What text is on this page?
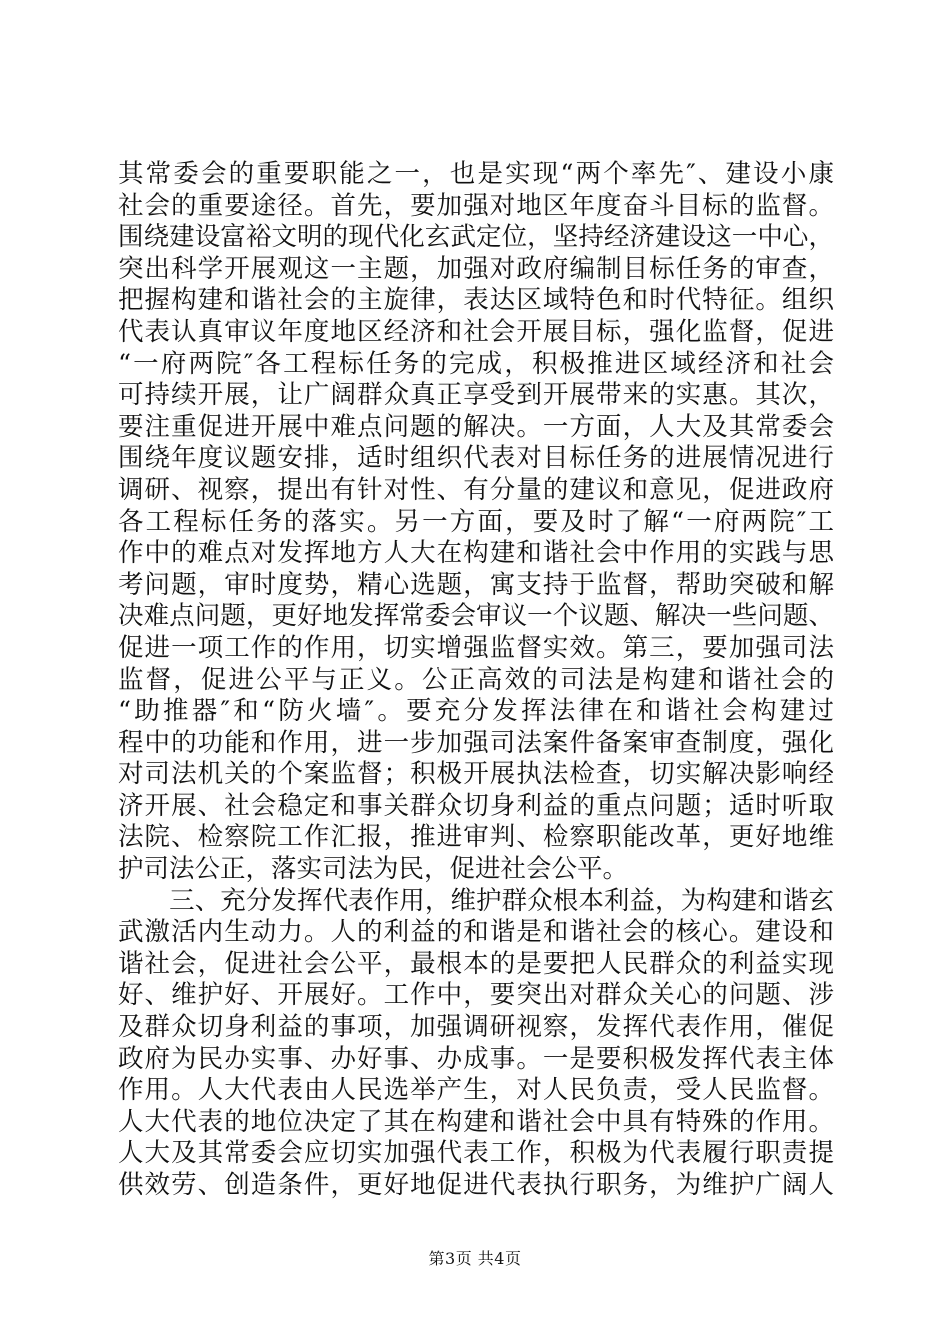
其常委会的重要职能之一，也是实现“两个率先″、建设小康
社会的重要途径。首先，要加强对地区年度奋斗目标的监督。
围绕建设富裕文明的现代化玄武定位，坚持经济建设这一中心，
突出科学开展观这一主题，加强对政府编制目标任务的审查，
把握构建和谐社会的主旋律，表达区域特色和时代特征。组织
代表认真审议年度地区经济和社会开展目标，强化监督，促进
“一府两院″各工程标任务的完成，积极推进区域经济和社会
可持续开展，让广阔群众真正享受到开展带来的实惠。其次，
要注重促进开展中难点问题的解决。一方面，人大及其常委会
围绕年度议题安排，适时组织代表对目标任务的进展情况进行
调研、视察，提出有针对性、有分量的建议和意见，促进政府
各工程标任务的落实。另一方面，要及时了解“一府两院″工
作中的难点对发挥地方人大在构建和谐社会中作用的实践与思
考问题，审时度势，精心选题，寓支持于监督，帮助突破和解
决难点问题，更好地发挥常委会审议一个议题、解决一些问题、
促进一项工作的作用，切实增强监督实效。第三，要加强司法
监督，促进公平与正义。公正高效的司法是构建和谐社会的
“助推器″和“防火墙″。要充分发挥法律在和谐社会构建过
程中的功能和作用，进一步加强司法案件备案审查制度，强化
对司法机关的个案监督；积极开展执法检查，切实解决影响经
济开展、社会稳定和事关群众切身利益的重点问题；适时听取
法院、检察院工作汇报，推进审判、检察职能改革，更好地维
护司法公正，落实司法为民，促进社会公平。
　　三、充分发挥代表作用，维护群众根本利益，为构建和谐玄
武激活内生动力。人的利益的和谐是和谐社会的核心。建设和
谐社会，促进社会公平，最根本的是要把人民群众的利益实现
好、维护好、开展好。工作中，要突出对群众关心的问题、涉
及群众切身利益的事项，加强调研视察，发挥代表作用，催促
政府为民办实事、办好事、办成事。一是要积极发挥代表主体
作用。人大代表由人民选举产生，对人民负责，受人民监督。
人大代表的地位决定了其在构建和谐社会中具有特殊的作用。
人大及其常委会应切实加强代表工作，积极为代表履行职责提
供效劳、创造条件，更好地促进代表执行职务，为维护广阔人
第3页 共4页
